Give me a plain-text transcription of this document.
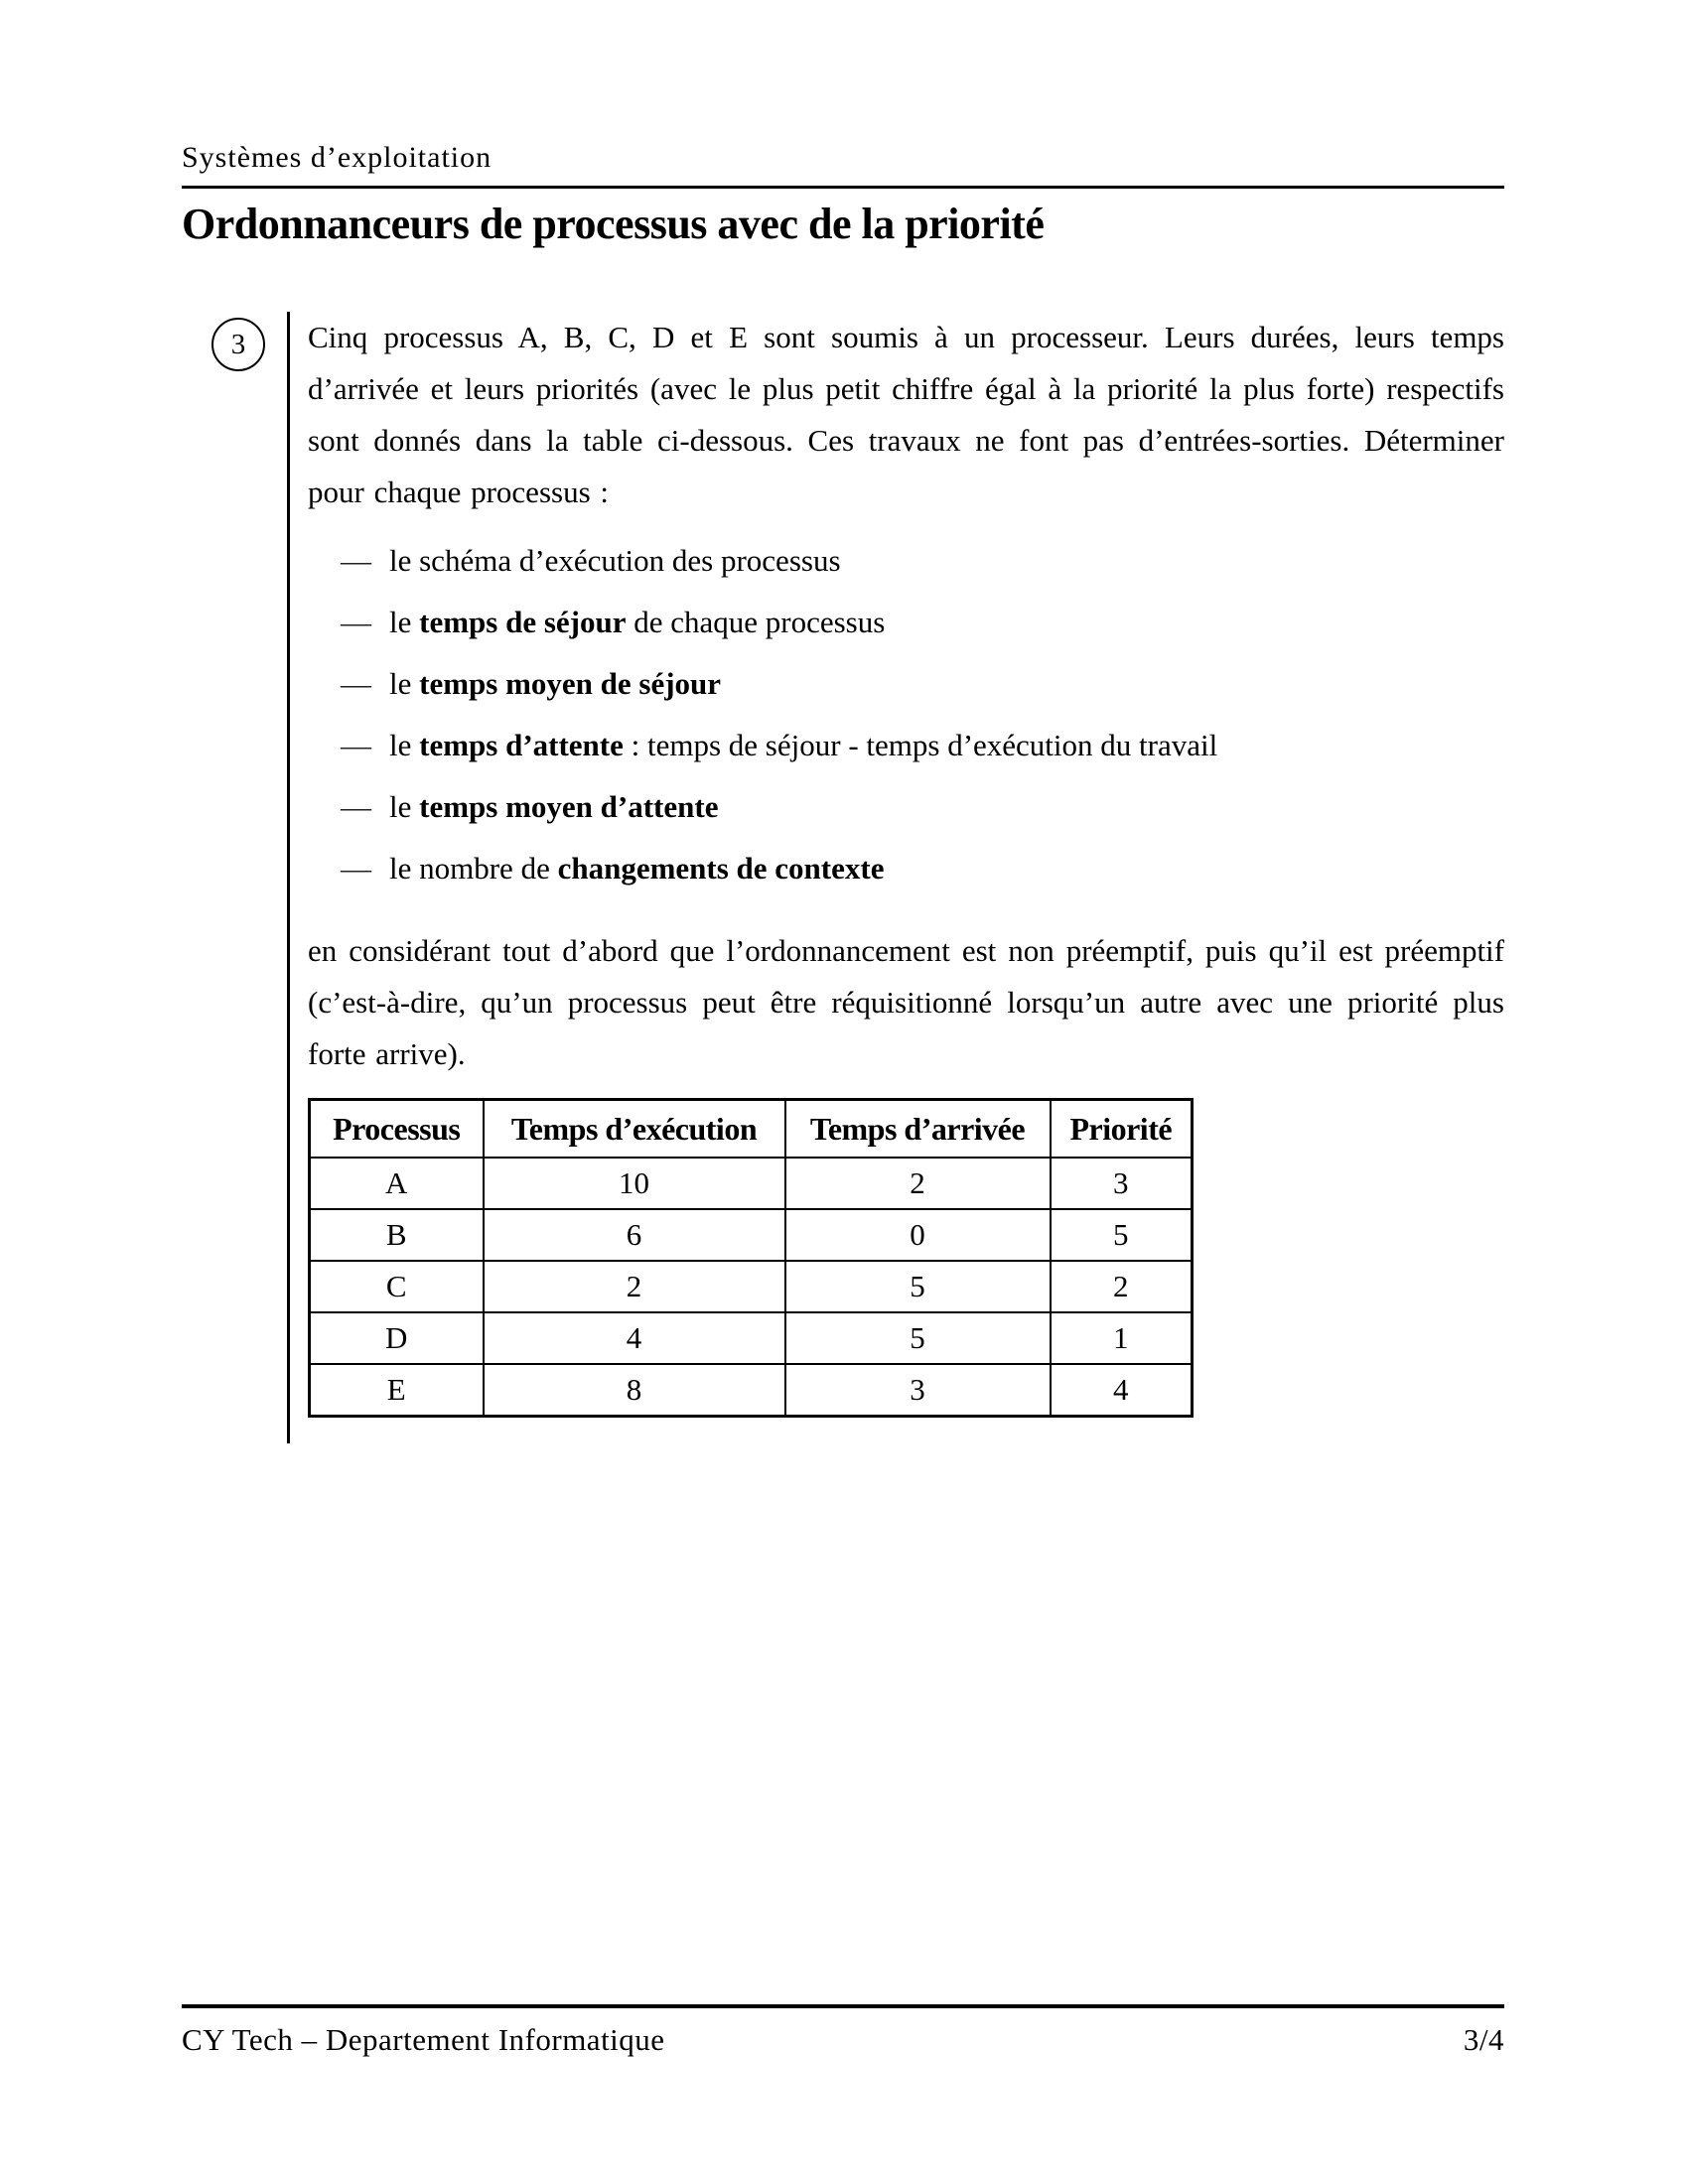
Systèmes d’exploitation
Ordonnanceurs de processus avec de la priorité
3	Cinq processus A, B, C, D et E sont soumis à un processeur. Leurs durées, leurs temps d’arrivée et leurs priorités (avec le plus petit chiffre égal à la priorité la plus forte) respectifs sont donnés dans la table ci-dessous. Ces travaux ne font pas d’entrées-sorties. Déterminer pour chaque processus :

— le schéma d’exécution des processus
— le temps de séjour de chaque processus
— le temps moyen de séjour
— le temps d’attente : temps de séjour - temps d’exécution du travail
— le temps moyen d’attente
— le nombre de changements de contexte

en considérant tout d’abord que l’ordonnancement est non préemptif, puis qu’il est préemptif (c’est-à-dire, qu’un processus peut être réquisitionné lorsqu’un autre avec une priorité plus forte arrive).

Processus	Temps d’exécution	Temps d’arrivée	Priorité
A	10	2	3
B	6	0	5
C	2	5	2
D	4	5	1
E	8	3	4
CY Tech – Departement Informatique	3/4
